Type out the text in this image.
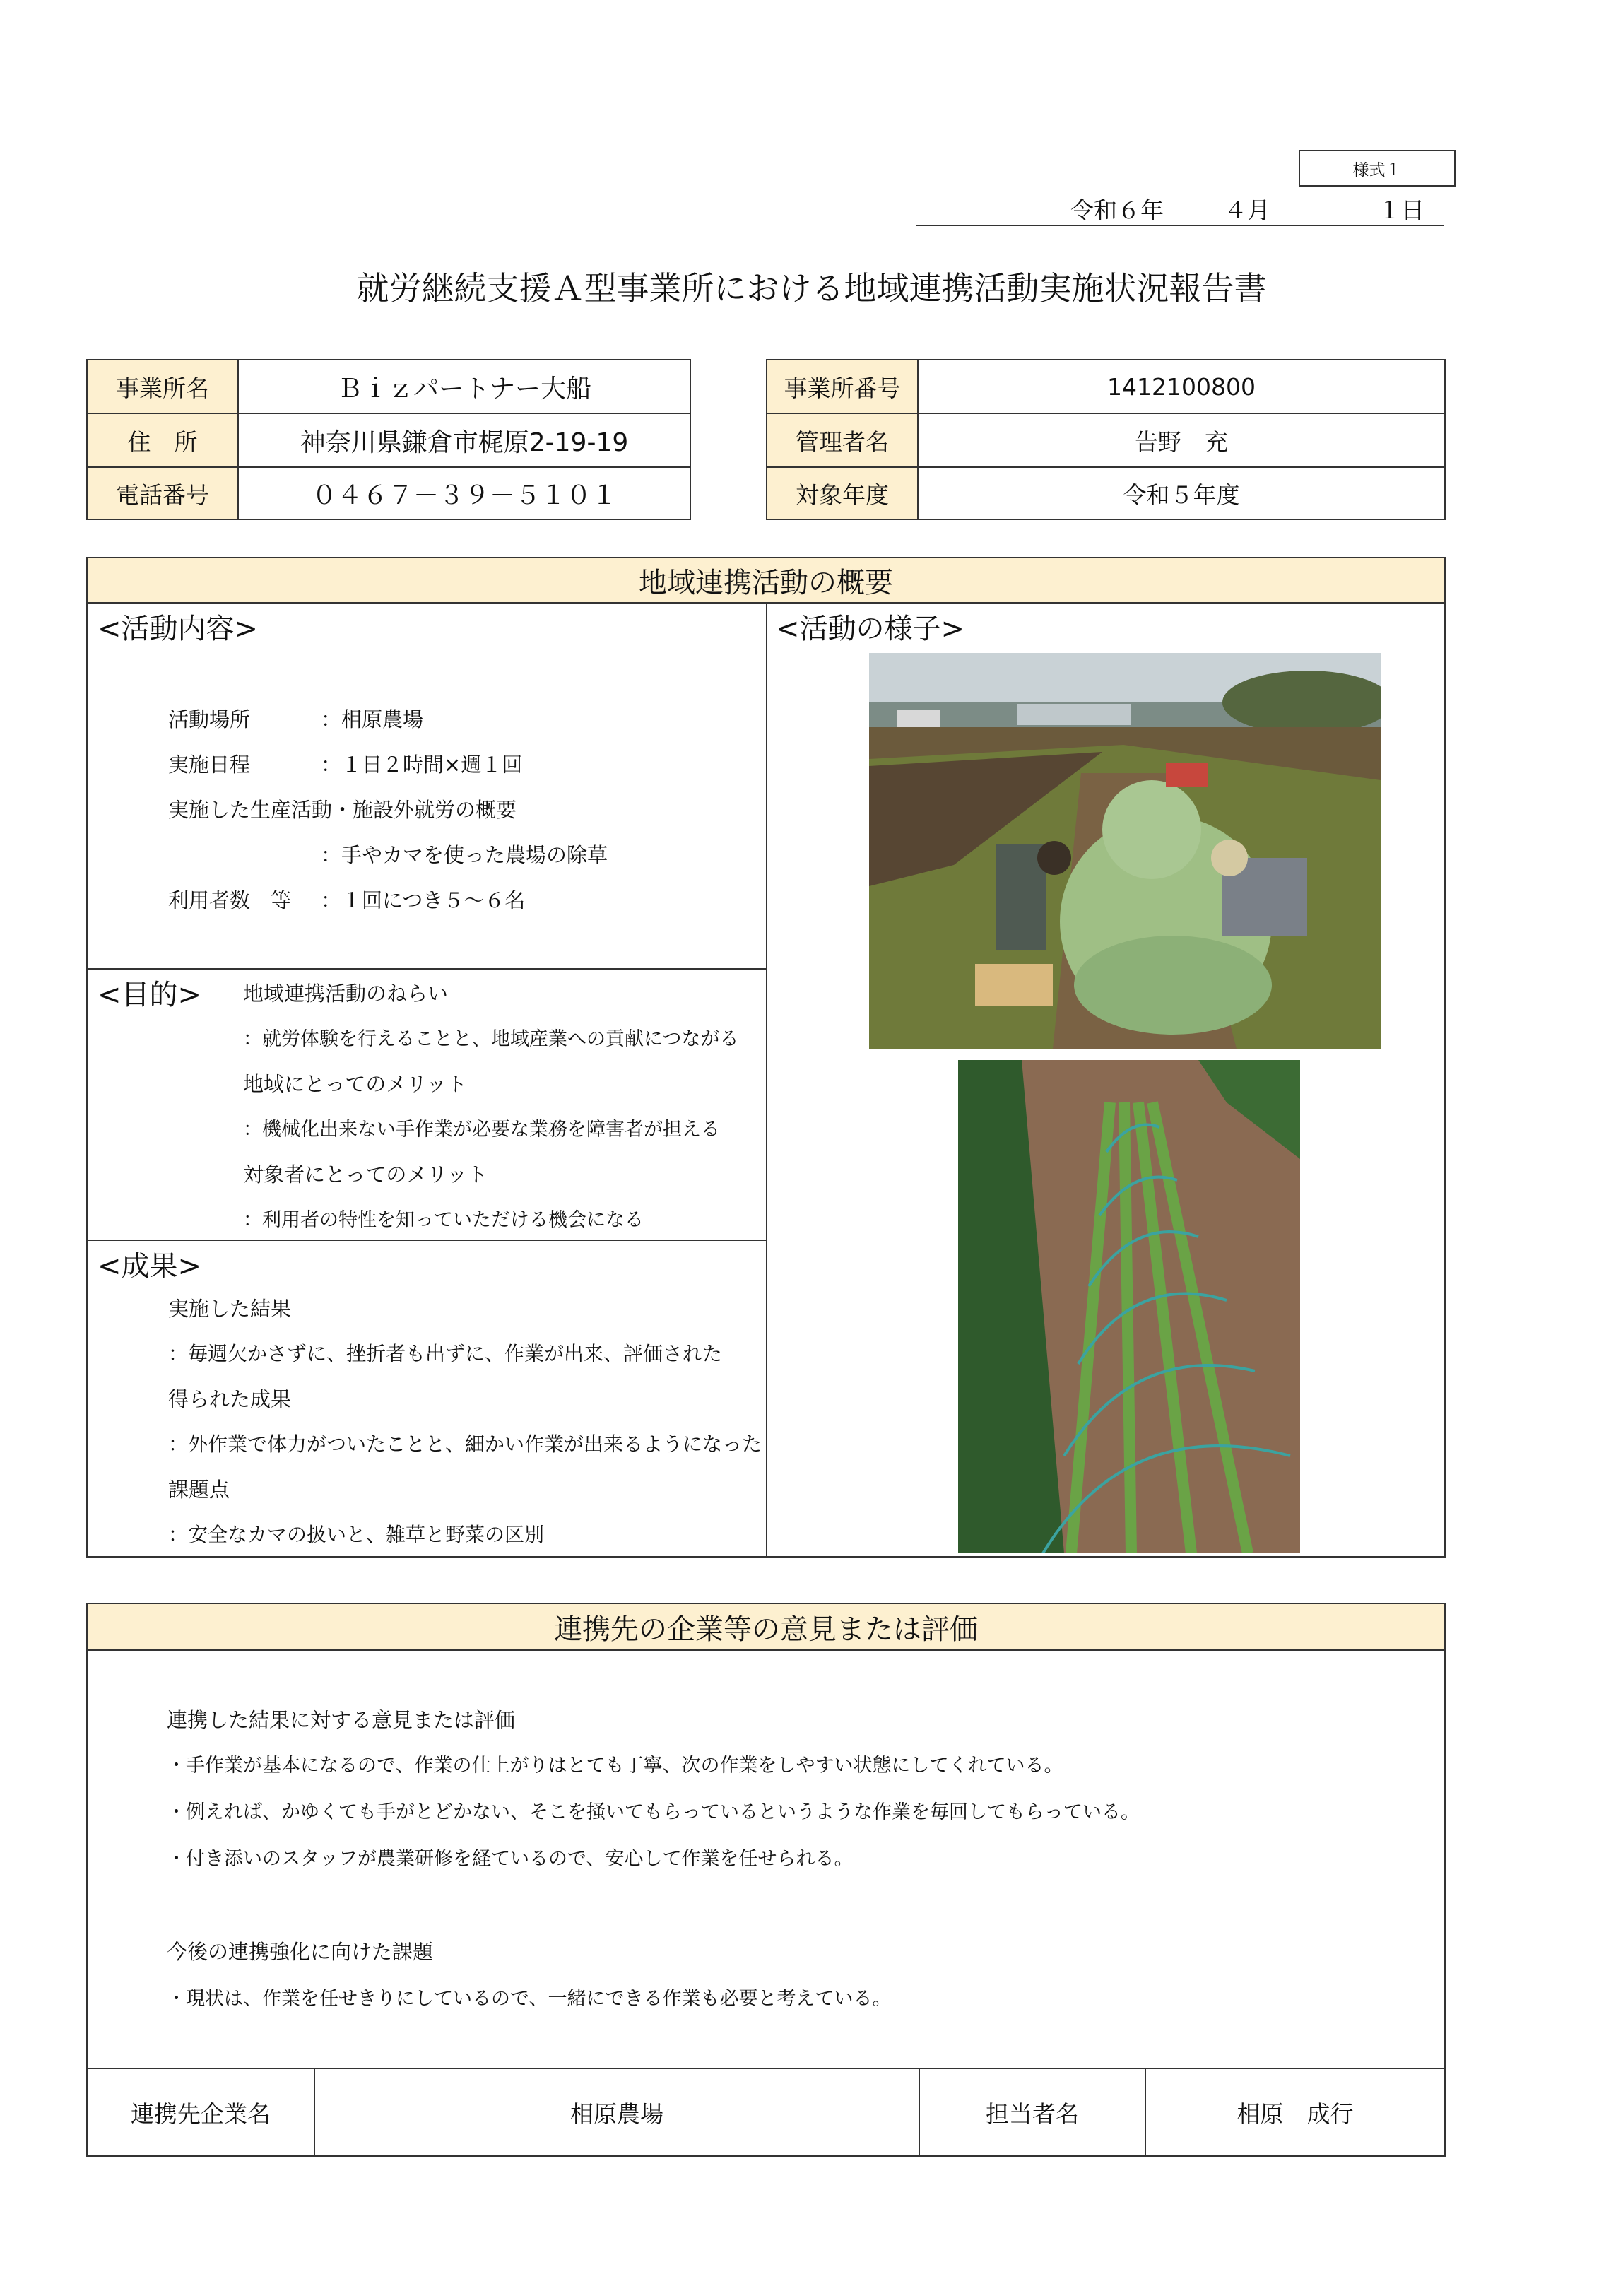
様式１
令和６年	４月	１日
就労継続支援Ａ型事業所における地域連携活動実施状況報告書
事業所名	Ｂｉｚパートナー大船
住　所	神奈川県鎌倉市梶原2-19-19
電話番号	０４６７－３９－５１０１
事業所番号	1412100800
管理者名	告野　充
対象年度	令和５年度
地域連携活動の概要
<活動内容>
活動場所	：相原農場
実施日程	：１日２時間×週１回
実施した生産活動・施設外就労の概要
：手やカマを使った農場の除草
利用者数　等 ：１回につき５～６名
<目的> 地域連携活動のねらい
：就労体験を行えることと、地域産業への貢献につながる
地域にとってのメリット
：機械化出来ない手作業が必要な業務を障害者が担える
対象者にとってのメリット
：利用者の特性を知っていただける機会になる
<成果>
実施した結果
：毎週欠かさずに、挫折者も出ずに、作業が出来、評価された
得られた成果
：外作業で体力がついたことと、細かい作業が出来るようになった
課題点
：安全なカマの扱いと、雑草と野菜の区別
<活動の様子>
連携先の企業等の意見または評価
連携した結果に対する意見または評価
・手作業が基本になるので、作業の仕上がりはとても丁寧、次の作業をしやすい状態にしてくれている。
・例えれば、かゆくても手がとどかない、そこを掻いてもらっているというような作業を毎回してもらっている。
・付き添いのスタッフが農業研修を経ているので、安心して作業を任せられる。
今後の連携強化に向けた課題
・現状は、作業を任せきりにしているので、一緒にできる作業も必要と考えている。
連携先企業名	相原農場	担当者名	相原　成行
